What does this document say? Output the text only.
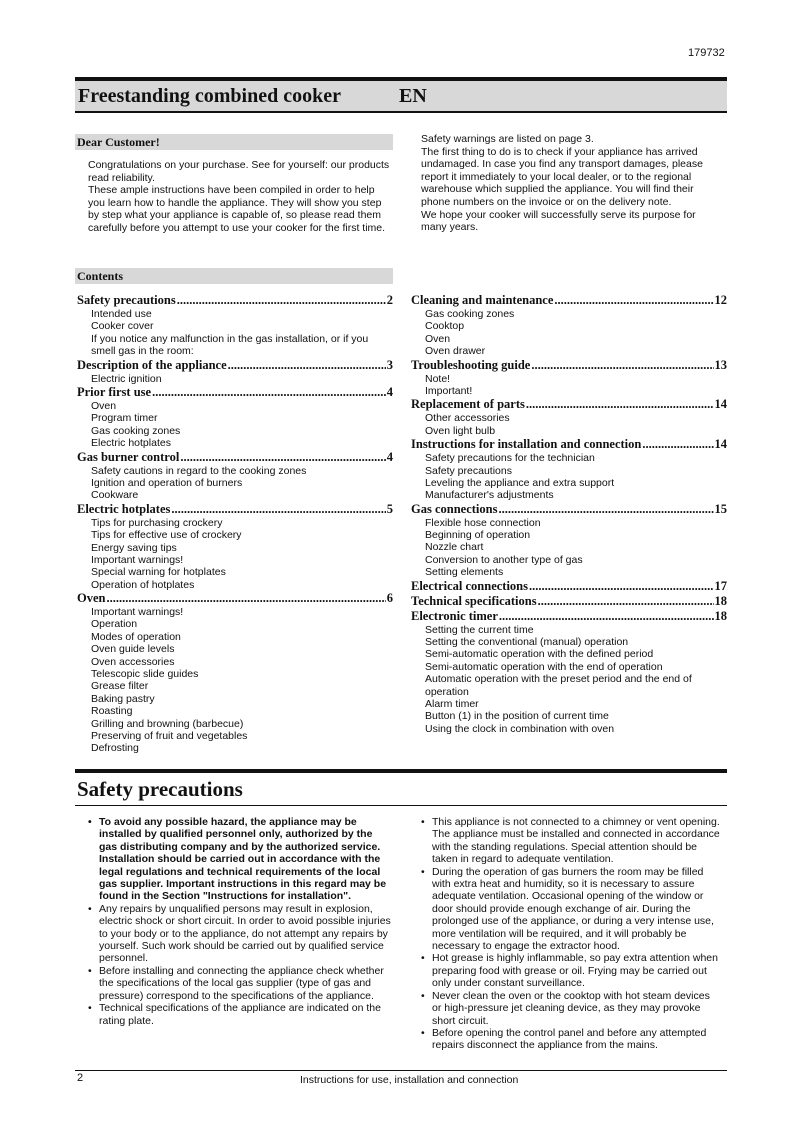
179732
Freestanding combined cooker	EN
Dear Customer!
Congratulations on your purchase. See for yourself: our products read reliability.
These ample instructions have been compiled in order to help you learn how to handle the appliance. They will show you step by step what your appliance is capable of, so please read them carefully before you attempt to use your cooker for the first time.
Safety warnings are listed on page 3.
The first thing to do is to check if your appliance has arrived undamaged. In case you find any transport damages, please report it immediately to your local dealer, or to the regional warehouse which supplied the appliance. You will find their phone numbers on the invoice or on the delivery note.
We hope your cooker will successfully serve its purpose for many years.
Contents
Safety precautions .....	2
Intended use
Cooker cover
If you notice any malfunction in the gas installation, or if you smell gas in the room:
Description of the appliance .....	3
Electric ignition
Prior first use .....	4
Oven
Program timer
Gas cooking zones
Electric hotplates
Gas burner control .....	4
Safety cautions in regard to the cooking zones
Ignition and operation of burners
Cookware
Electric hotplates .....	5
Tips for purchasing crockery
Tips for effective use of crockery
Energy saving tips
Important warnings!
Special warning for hotplates
Operation of hotplates
Oven .....	6
Important warnings!
Operation
Modes of operation
Oven guide levels
Oven accessories
Telescopic slide guides
Grease filter
Baking pastry
Roasting
Grilling and browning (barbecue)
Preserving of fruit and vegetables
Defrosting
Cleaning and maintenance .....	12
Gas cooking zones
Cooktop
Oven
Oven drawer
Troubleshooting guide .....	13
Note!
Important!
Replacement of parts .....	14
Other accessories
Oven light bulb
Instructions for installation and connection .....	14
Safety precautions for the technician
Safety precautions
Leveling the appliance and extra support
Manufacturer's adjustments
Gas connections .....	15
Flexible hose connection
Beginning of operation
Nozzle chart
Conversion to another type of gas
Setting elements
Electrical connections .....	17
Technical specifications .....	18
Electronic timer .....	18
Setting the current time
Setting the conventional (manual) operation
Semi-automatic operation with the defined period
Semi-automatic operation with the end of operation
Automatic operation with the preset period and the end of operation
Alarm timer
Button (1) in the position of current time
Using the clock in combination with oven
Safety precautions
• To avoid any possible hazard, the appliance may be installed by qualified personnel only, authorized by the gas distributing company and by the authorized service. Installation should be carried out in accordance with the legal regulations and technical requirements of the local gas supplier. Important instructions in this regard may be found in the Section "Instructions for installation".
• Any repairs by unqualified persons may result in explosion, electric shock or short circuit. In order to avoid possible injuries to your body or to the appliance, do not attempt any repairs by yourself. Such work should be carried out by qualified service personnel.
• Before installing and connecting the appliance check whether the specifications of the local gas supplier (type of gas and pressure) correspond to the specifications of the appliance.
• Technical specifications of the appliance are indicated on the rating plate.
• This appliance is not connected to a chimney or vent opening. The appliance must be installed and connected in accordance with the standing regulations. Special attention should be taken in regard to adequate ventilation.
• During the operation of gas burners the room may be filled with extra heat and humidity, so it is necessary to assure adequate ventilation. Occasional opening of the window or door should provide enough exchange of air. During the prolonged use of the appliance, or during a very intense use, more ventilation will be required, and it will probably be necessary to engage the extractor hood.
• Hot grease is highly inflammable, so pay extra attention when preparing food with grease or oil. Frying may be carried out only under constant surveillance.
• Never clean the oven or the cooktop with hot steam devices or high-pressure jet cleaning device, as they may provoke short circuit.
• Before opening the control panel and before any attempted repairs disconnect the appliance from the mains.
2	Instructions for use, installation and connection
